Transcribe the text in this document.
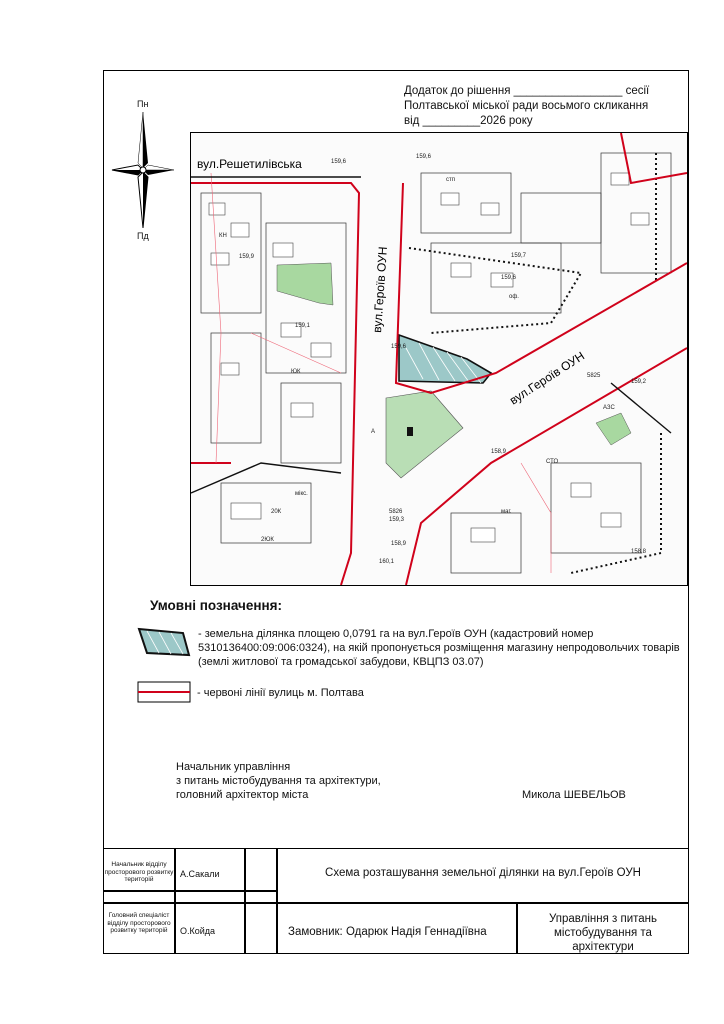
Додаток до рішення _________________ сесії
Полтавської міської ради восьмого скликання
від _________2026 року
Пн
Пд
вул.Решетилівська
вул.Героїв ОУН
вул.Героїв ОУН
159,6
159,6
159,9
159,1
159,6
159,2
158,9
159,3
158,9
158,8
159,6
5826
5825
АЗС
СТО
20К
2ЮК
ЮК
КН
А
стп
маг.
мікс.
оф.
159,7
160,1
Умовні позначення:
- земельна ділянка площею 0,0791 га на вул.Героїв ОУН (кадастровий номер 5310136400:09:006:0324), на якій пропонується розміщення магазину непродовольчих товарів (землі житлової та громадської забудови, КВЦПЗ 03.07)
- червоні лінії вулиць м. Полтава
Начальник управління
з питань містобудування та архітектури,
головний архітектор міста	Микола ШЕВЕЛЬОВ
Начальник відділу просторового розвитку територій
А.Сакали
Головний спеціаліст відділу просторового розвитку територій	О.Койда
Схема розташування земельної ділянки на вул.Героїв ОУН
Замовник: Одарюк Надія Геннадіївна
Управління з питань містобудування та архітектури
